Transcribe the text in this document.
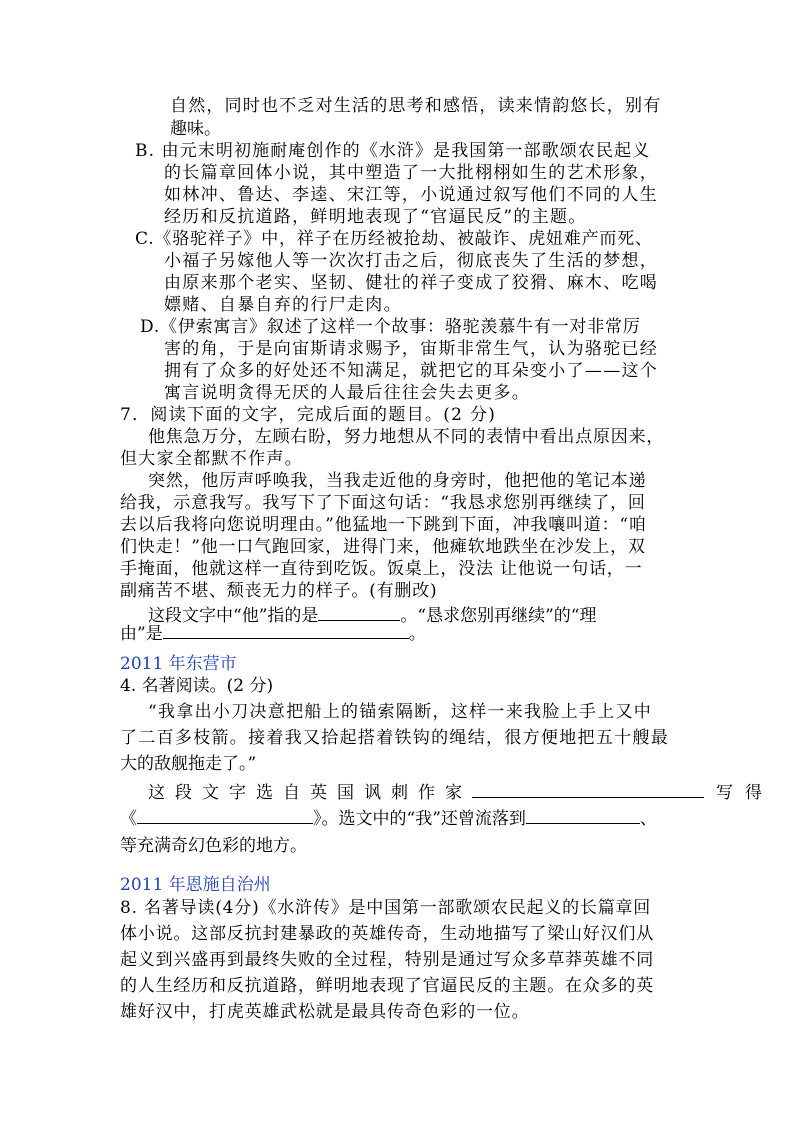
自然，同时也不乏对生活的思考和感悟，读来情韵悠长，别有
趣味。
B. 由元末明初施耐庵创作的《水浒》是我国第一部歌颂农民起义
的长篇章回体小说，其中塑造了一大批栩栩如生的艺术形象，
如林冲、鲁达、李逵、宋江等，小说通过叙写他们不同的人生
经历和反抗道路，鲜明地表现了“官逼民反”的主题。
C.《骆驼祥子》中，祥子在历经被抢劫、被敲诈、虎妞难产而死、
小福子另嫁他人等一次次打击之后，彻底丧失了生活的梦想，
由原来那个老实、坚韧、健壮的祥子变成了狡猾、麻木、吃喝
嫖赌、自暴自弃的行尸走肉。
D.《伊索寓言》叙述了这样一个故事：骆驼羡慕牛有一对非常厉
害的角，于是向宙斯请求赐予，宙斯非常生气，认为骆驼已经
拥有了众多的好处还不知满足，就把它的耳朵变小了——这个
寓言说明贪得无厌的人最后往往会失去更多。
7．阅读下面的文字，完成后面的题目。(2 分)
他焦急万分，左顾右盼，努力地想从不同的表情中看出点原因来，
但大家全都默不作声。
突然，他厉声呼唤我，当我走近他的身旁时，他把他的笔记本递
给我，示意我写。我写下了下面这句话：“我恳求您别再继续了，回
去以后我将向您说明理由。”他猛地一下跳到下面，冲我嚷叫道：“咱
们快走！”他一口气跑回家，进得门来，他瘫软地跌坐在沙发上，双
手掩面，他就这样一直待到吃饭。饭桌上，没法 让他说一句话，一
副痛苦不堪、颓丧无力的样子。(有删改)
这段文字中“他”指的是	。“恳求您别再继续”的“理
由”是	。
2011 年东营市
4. 名著阅读。(2 分)
“我拿出小刀决意把船上的锚索隔断，这样一来我脸上手上又中
了二百多枝箭。接着我又拾起搭着铁钩的绳结，很方便地把五十艘最
大的敌舰拖走了。”
这段文字选自英国讽刺作家	写得
《	》。选文中的“我”还曾流落到	、
等充满奇幻色彩的地方。
2011 年恩施自治州
8. 名著导读(4分)《水浒传》是中国第一部歌颂农民起义的长篇章回
体小说。这部反抗封建暴政的英雄传奇，生动地描写了梁山好汉们从
起义到兴盛再到最终失败的全过程，特别是通过写众多草莽英雄不同
的人生经历和反抗道路，鲜明地表现了官逼民反的主题。在众多的英
雄好汉中，打虎英雄武松就是最具传奇色彩的一位。
